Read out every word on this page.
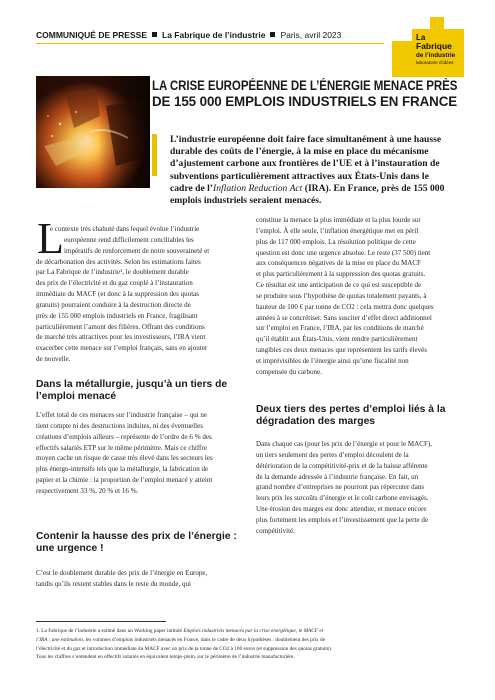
COMMUNIQUÉ DE PRESSE La Fabrique de l’industrie Paris, avril 2023	La
Fabrique
de l’industrie
laboratoire d’idées
LA CRISE EUROPÉENNE DE L’ÉNERGIE MENACE PRÈS
DE 155 000 EMPLOIS INDUSTRIELS EN FRANCE
L’industrie européenne doit faire face simultanément à une hausse
durable des coûts de l’énergie, à la mise en place du mécanisme
d’ajustement carbone aux frontières de l’UE et à l’instauration de
subventions particulièrement attractives aux États-Unis dans le
cadre de l’Inflation Reduction Act (IRA). En France, près de 155 000
emplois industriels seraient menacés.
L
e contexte très chahuté dans lequel évolue l’industrie
européenne rend difficilement conciliables les
impératifs de renforcement de notre souveraineté et
de décarbonation des activités. Selon les estimations faites
par La Fabrique de l’industrie¹, le doublement durable
des prix de l’électricité et du gaz couplé à l’instauration
immédiate du MACF (et donc à la suppression des quotas
gratuits) pourraient conduire à la destruction directe de
près de 155 000 emplois industriels en France, fragilisant
particulièrement l’amont des filières. Offrant des conditions
de marché très attractives pour les investisseurs, l’IRA vient
exacerber cette menace sur l’emploi français, sans en ajouter
de nouvelle.
Dans la métallurgie, jusqu’à un tiers de
l’emploi menacé
L’effet total de ces menaces sur l’industrie française – qui ne
tient compte ni des destructions induites, ni des éventuelles
créations d’emplois ailleurs – représente de l’ordre de 6 % des
effectifs salariés ETP sur le même périmètre. Mais ce chiffre
moyen cache un risque de casse très élevé dans les secteurs les
plus énergo-intensifs tels que la métallurgie, la fabrication de
papier et la chimie : la proportion de l’emploi menacé y atteint
respectivement 33 %, 20 % et 16 %.
Contenir la hausse des prix de l’énergie :
une urgence !
C’est le doublement durable des prix de l’énergie en Europe,
tandis qu’ils restent stables dans le reste du monde, qui
constitue la menace la plus immédiate et la plus lourde sur
l’emploi. À elle seule, l’inflation énergétique met en péril
plus de 117 000 emplois. La résolution politique de cette
question est donc une urgence absolue. Le reste (37 500) tient
aux conséquences négatives de la mise en place du MACF
et plus particulièrement à la suppression des quotas gratuits.
Ce résultat est une anticipation de ce qui est susceptible de
se produire sous l’hypothèse de quotas totalement payants, à
hauteur de 100 € par tonne de CO2 : cela mettra donc quelques
années à se concrétiser. Sans susciter d’effet direct additionnel
sur l’emploi en France, l’IRA, par les conditions de marché
qu’il établit aux États-Unis, vient rendre particulièrement
tangibles ces deux menaces que représentent les tarifs élevés
et imprévisibles de l’énergie ainsi qu’une fiscalité non
compensée du carbone.
Deux tiers des pertes d’emploi liés à la
dégradation des marges
Dans chaque cas (pour les prix de l’énergie et pour le MACF),
un tiers seulement des pertes d’emploi découlent de la
détérioration de la compétitivité-prix et de la baisse afférente
de la demande adressée à l’industrie française. En fait, un
grand nombre d’entreprises ne pourront pas répercuter dans
leurs prix les surcoûts d’énergie et le coût carbone envisagés.
Une érosion des marges est donc attendue, et menace encore
plus fortement les emplois et l’investissement que la perte de
compétitivité.
1. La Fabrique de l’industrie a estimé dans un Working paper intitulé Emplois industriels menacés par la crise énergétique, le MACF et
l’IRA : une estimation, les volumes d’emplois industriels menacés en France, dans le cadre de deux hypothèses : doublement des prix de
l’électricité et du gaz et introduction immédiate du MACF avec un prix de la tonne de CO2 à 100 euros (et suppression des quotas gratuits).
Tous les chiffres s’entendent en effectifs salariés en équivalent temps-plein, sur le périmètre de l’industrie manufacturière.
